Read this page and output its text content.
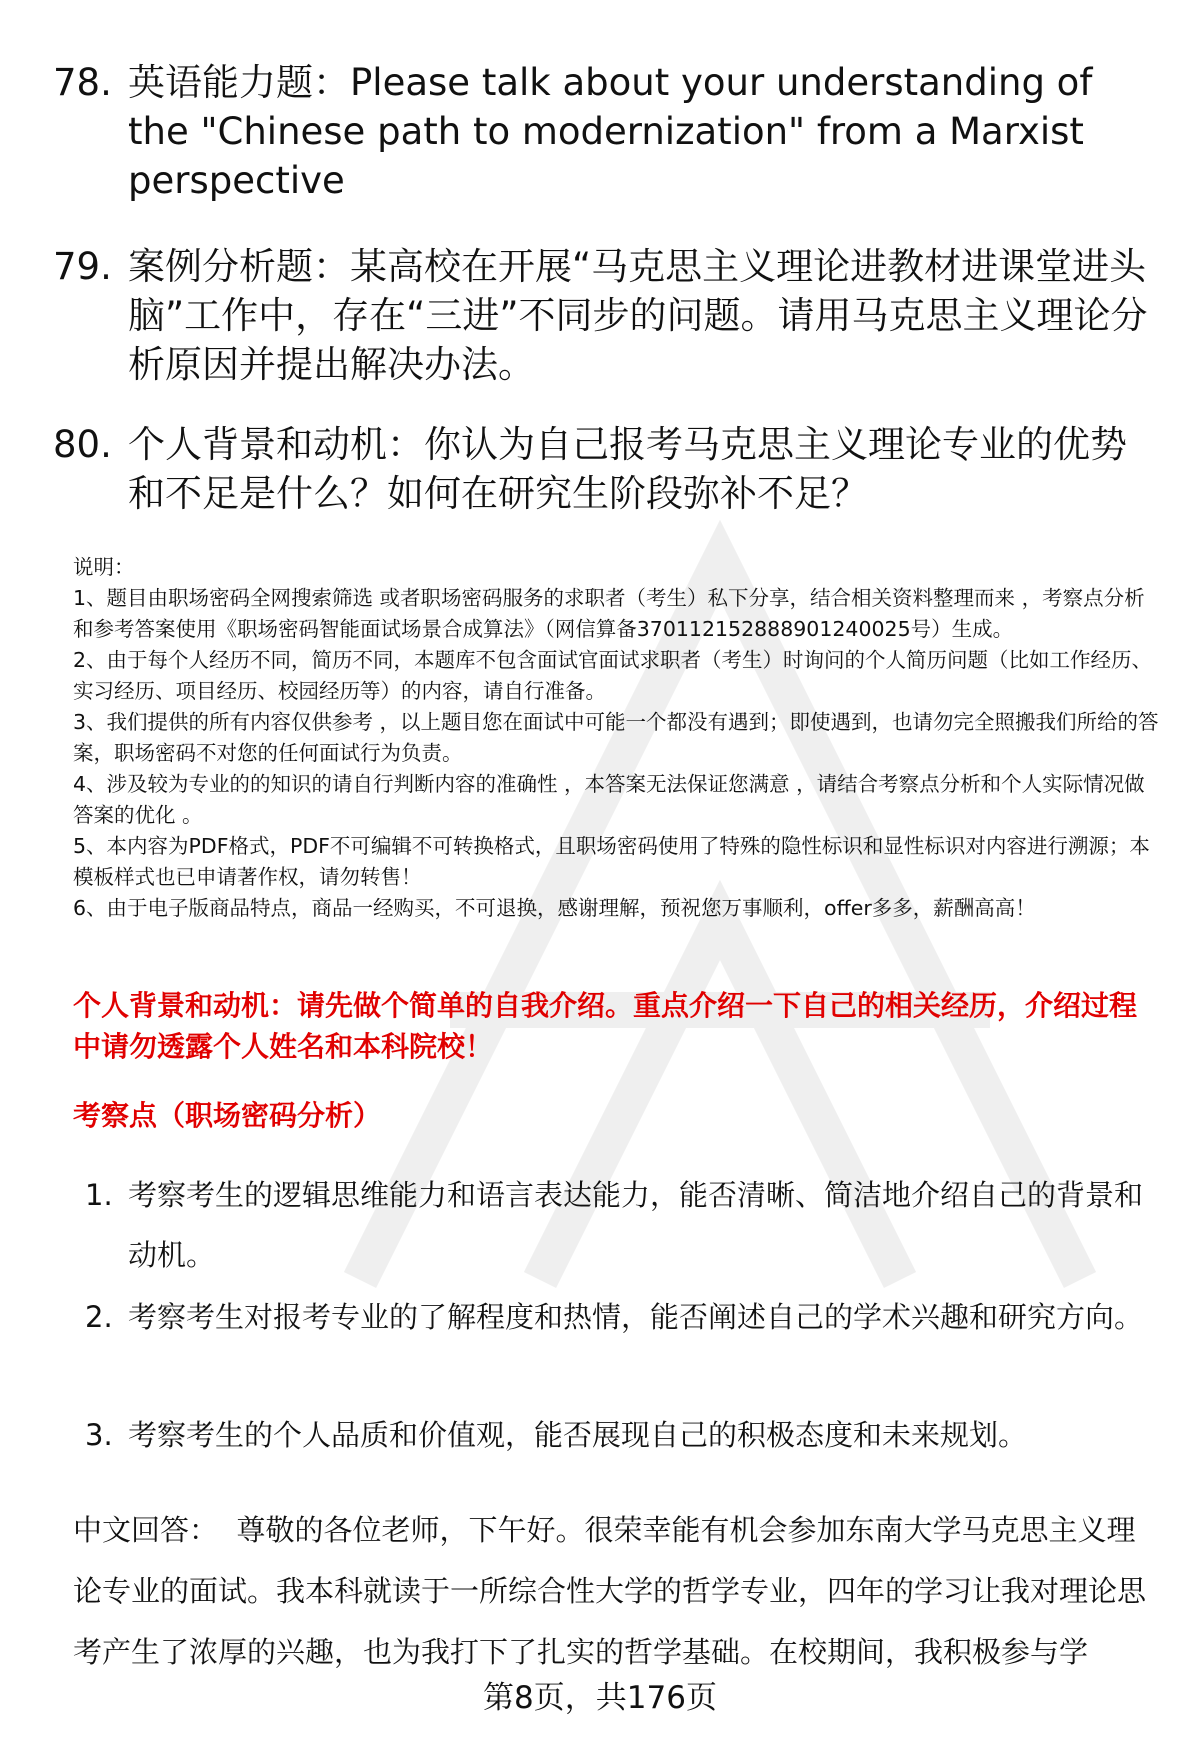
78. 英语能力题：Please talk about your understanding of the "Chinese path to modernization" from a Marxist perspective
79. 案例分析题：某高校在开展“马克思主义理论进教材进课堂进头脑”工作中，存在“三进”不同步的问题。请用马克思主义理论分析原因并提出解决办法。
80. 个人背景和动机：你认为自己报考马克思主义理论专业的优势和不足是什么？如何在研究生阶段弥补不足？
说明：
1、题目由职场密码全网搜索筛选 或者职场密码服务的求职者（考生）私下分享，结合相关资料整理而来 ，考察点分析和参考答案使用《职场密码智能面试场景合成算法》（网信算备370112152888901240025号）生成。
2、由于每个人经历不同，简历不同，本题库不包含面试官面试求职者（考生）时询问的个人简历问题（比如工作经历、实习经历、项目经历、校园经历等）的内容，请自行准备。
3、我们提供的所有内容仅供参考 ，以上题目您在面试中可能一个都没有遇到；即使遇到，也请勿完全照搬我们所给的答案，职场密码不对您的任何面试行为负责。
4、涉及较为专业的的知识的请自行判断内容的准确性 ，本答案无法保证您满意 ，请结合考察点分析和个人实际情况做答案的优化 。
5、本内容为PDF格式，PDF不可编辑不可转换格式，且职场密码使用了特殊的隐性标识和显性标识对内容进行溯源；本模板样式也已申请著作权，请勿转售！
6、由于电子版商品特点，商品一经购买，不可退换，感谢理解，预祝您万事顺利，offer多多，薪酬高高！
个人背景和动机：请先做个简单的自我介绍。重点介绍一下自己的相关经历，介绍过程中请勿透露个人姓名和本科院校！
考察点（职场密码分析）
1. 考察考生的逻辑思维能力和语言表达能力，能否清晰、简洁地介绍自己的背景和动机。
2. 考察考生对报考专业的了解程度和热情，能否阐述自己的学术兴趣和研究方向。
3. 考察考生的个人品质和价值观，能否展现自己的积极态度和未来规划。
中文回答： 尊敬的各位老师，下午好。很荣幸能有机会参加东南大学马克思主义理论专业的面试。我本科就读于一所综合性大学的哲学专业，四年的学习让我对理论思考产生了浓厚的兴趣，也为我打下了扎实的哲学基础。在校期间，我积极参与学
第8页，共176页
